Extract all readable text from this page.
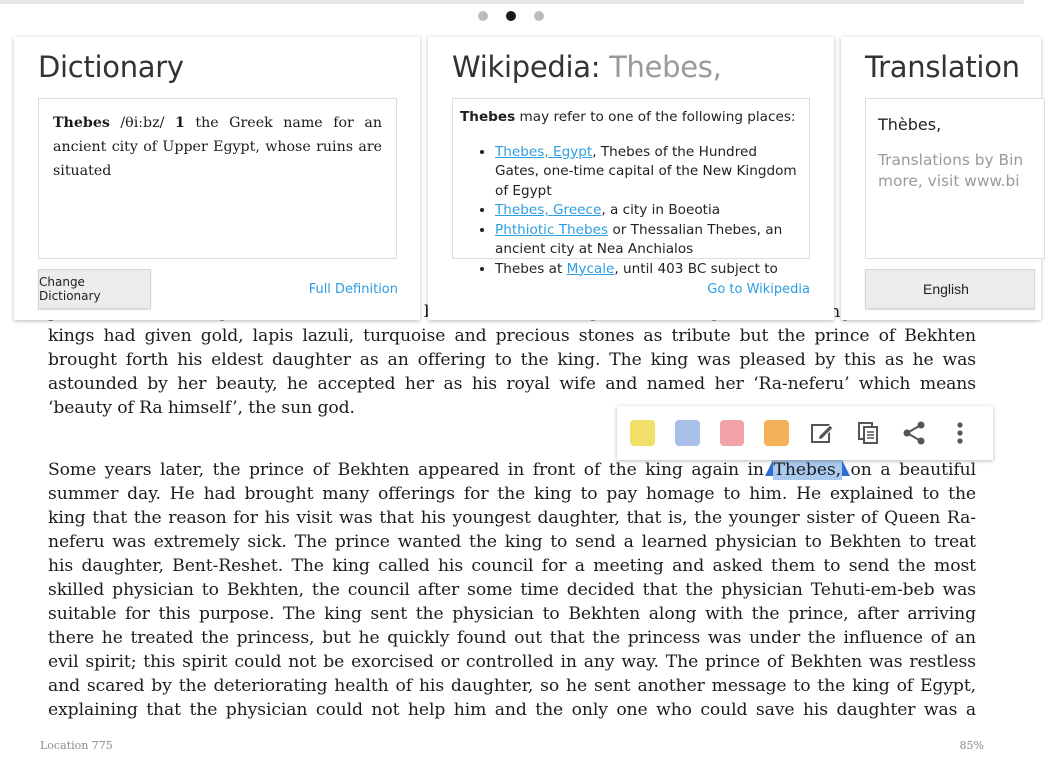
king.
kings had given gold, lapis lazuli, turquoise and precious stones as tribute but the prince of Bekhten
brought forth his eldest daughter as an offering to the king. The king was pleased by this as he was
astounded by her beauty, he accepted her as his royal wife and named her ‘Ra-neferu’ which means
‘beauty of Ra himself’, the sun god.
Some years later, the prince of Bekhten appeared in front of the king again in Thebes, on a beautiful
summer day. He had brought many offerings for the king to pay homage to him. He explained to the
king that the reason for his visit was that his youngest daughter, that is, the younger sister of Queen Ra-
neferu was extremely sick. The prince wanted the king to send a learned physician to Bekhten to treat
his daughter, Bent-Reshet. The king called his council for a meeting and asked them to send the most
skilled physician to Bekhten, the council after some time decided that the physician Tehuti-em-beb was
suitable for this purpose. The king sent the physician to Bekhten along with the prince, after arriving
there he treated the princess, but he quickly found out that the princess was under the influence of an
evil spirit; this spirit could not be exorcised or controlled in any way. The prince of Bekhten was restless
and scared by the deteriorating health of his daughter, so he sent another message to the king of Egypt,
explaining that the physician could not help him and the only one who could save his daughter was a
Location 775	85%
Dictionary
Thebes /θiːbz/ 1 the Greek name for an ancient city of Upper Egypt, whose ruins are situated
Change Dictionary	Full Definition
Wikipedia: Thebes,
Thebes may refer to one of the following places:
• Thebes, Egypt, Thebes of the Hundred Gates, one-time capital of the New Kingdom of Egypt
• Thebes, Greece, a city in Boeotia
• Phthiotic Thebes or Thessalian Thebes, an ancient city at Nea Anchialos
• Thebes at Mycale, until 403 BC subject to
Go to Wikipedia
Translation
Thèbes,
Translations by Bin
more, visit www.bi
English
